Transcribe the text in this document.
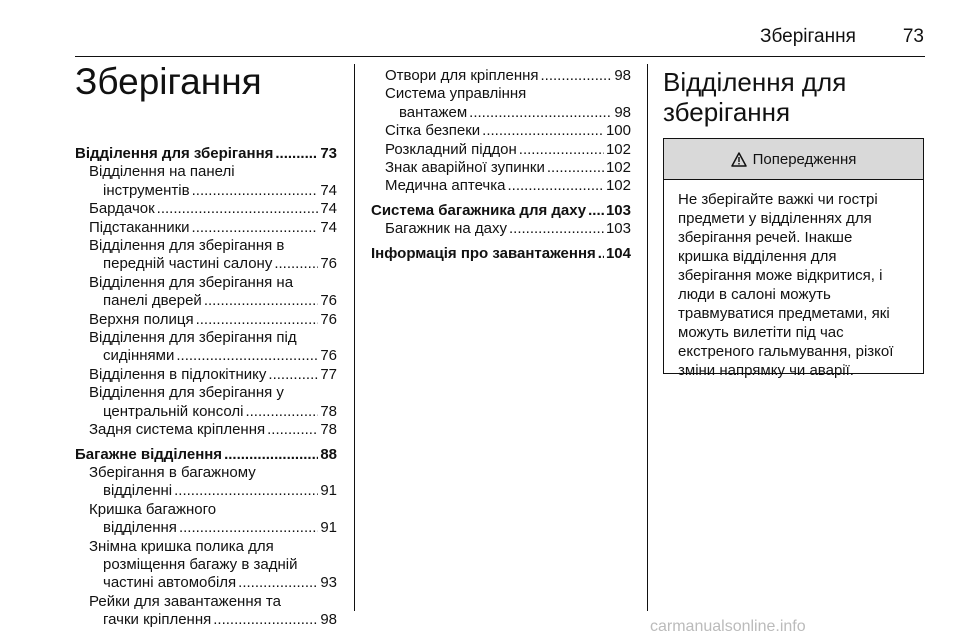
Зберігання 73
Зберігання
Відділення для зберігання .....	73
Відділення на панелі
інструментів .....	74
Бардачок .....	74
Підстаканники .....	74
Відділення для зберігання в
передній частині салону .....	76
Відділення для зберігання на
панелі дверей .....	76
Верхня полиця .....	76
Відділення для зберігання під
сидіннями .....	76
Відділення в підлокітнику .....	77
Відділення для зберігання у
центральній консолі .....	78
Задня система кріплення .....	78
Багажне відділення .....	88
Зберігання в багажному
відділенні .....	91
Кришка багажного
відділення .....	91
Знімна кришка полика для
розміщення багажу в задній
частині автомобіля .....	93
Рейки для завантаження та
гачки кріплення .....	98
Отвори для кріплення .....	98
Система управління
вантажем .....	98
Сітка безпеки .....	100
Розкладний піддон .....	102
Знак аварійної зупинки .....	102
Медична аптечка .....	102
Система багажника для даху ..... 103
Багажник на даху .....	103
Інформація про завантаження ..... 104
Відділення для
зберігання
Попередження
Не зберігайте важкі чи гострі
предмети у відділеннях для
зберігання речей. Інакше
кришка відділення для
зберігання може відкритися, і
люди в салоні можуть
травмуватися предметами, які
можуть вилетіти під час
екстреного гальмування, різкої
зміни напрямку чи аварії.
carmanualsonline.info
